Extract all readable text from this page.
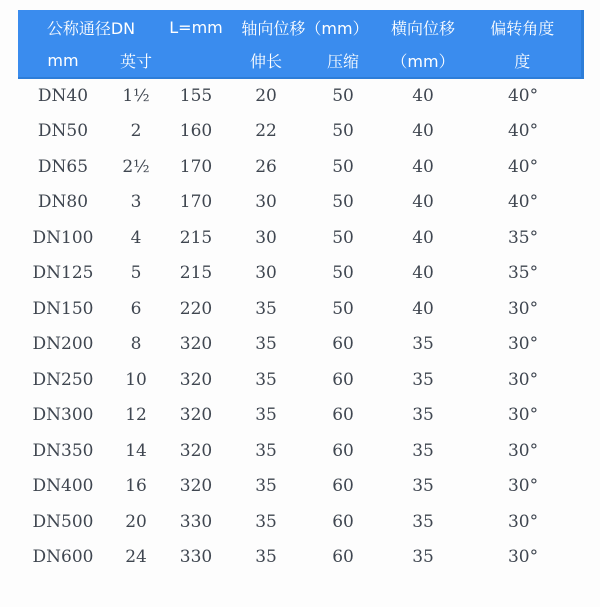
公称通径DN		L=mm	轴向位移（mm）		横向位移	偏转角度
mm	英寸		伸长	压缩	（mm）	度
DN40	1½	155	20	50	40	40°
DN50	2	160	22	50	40	40°
DN65	2½	170	26	50	40	40°
DN80	3	170	30	50	40	40°
DN100	4	215	30	50	40	35°
DN125	5	215	30	50	40	35°
DN150	6	220	35	50	40	30°
DN200	8	320	35	60	35	30°
DN250	10	320	35	60	35	30°
DN300	12	320	35	60	35	30°
DN350	14	320	35	60	35	30°
DN400	16	320	35	60	35	30°
DN500	20	330	35	60	35	30°
DN600	24	330	35	60	35	30°
